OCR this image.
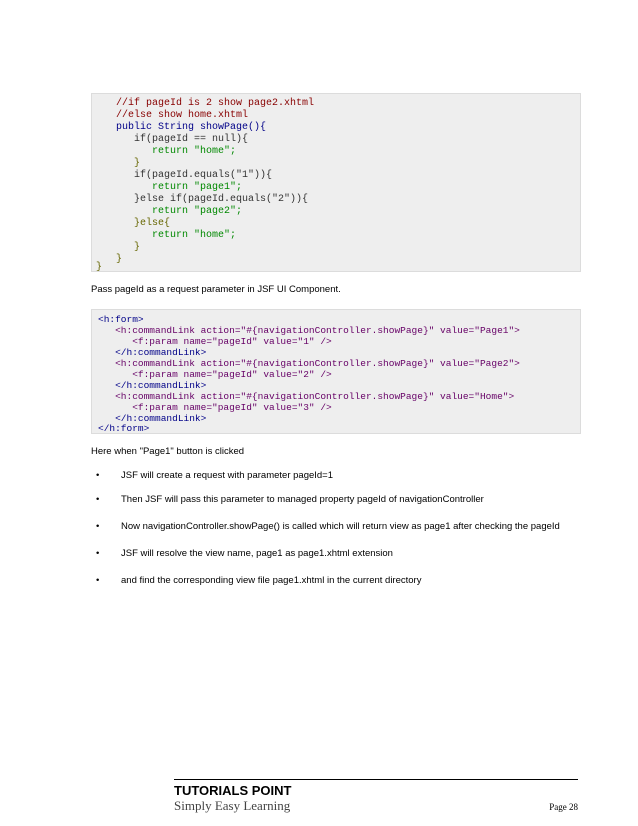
//if pageId is 2 show page2.xhtml
//else show home.xhtml
public String showPage(){
if(pageId == null){
return "home";
}
if(pageId.equals("1")){
return "page1";
}else if(pageId.equals("2")){
return "page2";
}else{
return "home";
}
}
}
Pass pageId as a request parameter in JSF UI Component.
<h:form>
<h:commandLink action="#{navigationController.showPage}" value="Page1">
<f:param name="pageId" value="1" />
</h:commandLink>
<h:commandLink action="#{navigationController.showPage}" value="Page2">
<f:param name="pageId" value="2" />
</h:commandLink>
<h:commandLink action="#{navigationController.showPage}" value="Home">
<f:param name="pageId" value="3" />
</h:commandLink>
</h:form>
Here when "Page1" button is clicked
• JSF will create a request with parameter pageId=1
• Then JSF will pass this parameter to managed property pageId of navigationController
• Now navigationController.showPage() is called which will return view as page1 after checking the pageId
• JSF will resolve the view name, page1 as page1.xhtml extension
• and find the corresponding view file page1.xhtml in the current directory
TUTORIALS POINT
Simply Easy Learning	Page 28
